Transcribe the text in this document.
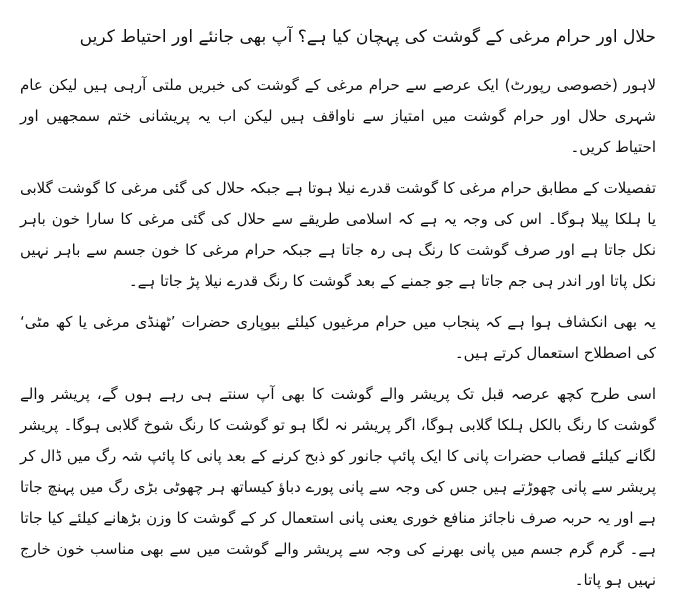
حلال اور حرام مرغی کے گوشت کی پہچان کیا ہے؟ آپ بھی جانئے اور احتیاط کریں

لاہور (خصوصی رپورٹ) ایک عرصے سے حرام مرغی کے گوشت کی خبریں ملتی آرہی ہیں لیکن عام شہری حلال اور حرام گوشت میں امتیاز سے ناواقف ہیں لیکن اب یہ پریشانی ختم سمجھیں اور احتیاط کریں۔

تفصیلات کے مطابق حرام مرغی کا گوشت قدرے نیلا ہوتا ہے جبکہ حلال کی گئی مرغی کا گوشت گلابی یا ہلکا پیلا ہوگا۔ اس کی وجہ یہ ہے کہ اسلامی طریقے سے حلال کی گئی مرغی کا سارا خون باہر نکل جاتا ہے اور صرف گوشت کا رنگ ہی رہ جاتا ہے جبکہ حرام مرغی کا خون جسم سے باہر نہیں نکل پاتا اور اندر ہی جم جاتا ہے جو جمنے کے بعد گوشت کا رنگ قدرے نیلا پڑ جاتا ہے۔

یہ بھی انکشاف ہوا ہے کہ پنجاب میں حرام مرغیوں کیلئے بیوپاری حضرات ’ٹھنڈی مرغی یا کھ مٹی‘ کی اصطلاح استعمال کرتے ہیں۔

اسی طرح کچھ عرصہ قبل تک پریشر والے گوشت کا بھی آپ سنتے ہی رہے ہوں گے، پریشر والے گوشت کا رنگ بالکل ہلکا گلابی ہوگا، اگر پریشر نہ لگا ہو تو گوشت کا رنگ شوخ گلابی ہوگا۔ پریشر لگانے کیلئے قصاب حضرات پانی کا ایک پائپ جانور کو ذبح کرنے کے بعد پانی کا پائپ شہ رگ میں ڈال کر پریشر سے پانی چھوڑتے ہیں جس کی وجہ سے پانی پورے دباؤ کیساتھ ہر چھوٹی بڑی رگ میں پہنچ جاتا ہے اور یہ حربہ صرف ناجائز منافع خوری یعنی پانی استعمال کر کے گوشت کا وزن بڑھانے کیلئے کیا جاتا ہے۔ گرم گرم جسم میں پانی بھرنے کی وجہ سے پریشر والے گوشت میں سے بھی مناسب خون خارج نہیں ہو پاتا۔
